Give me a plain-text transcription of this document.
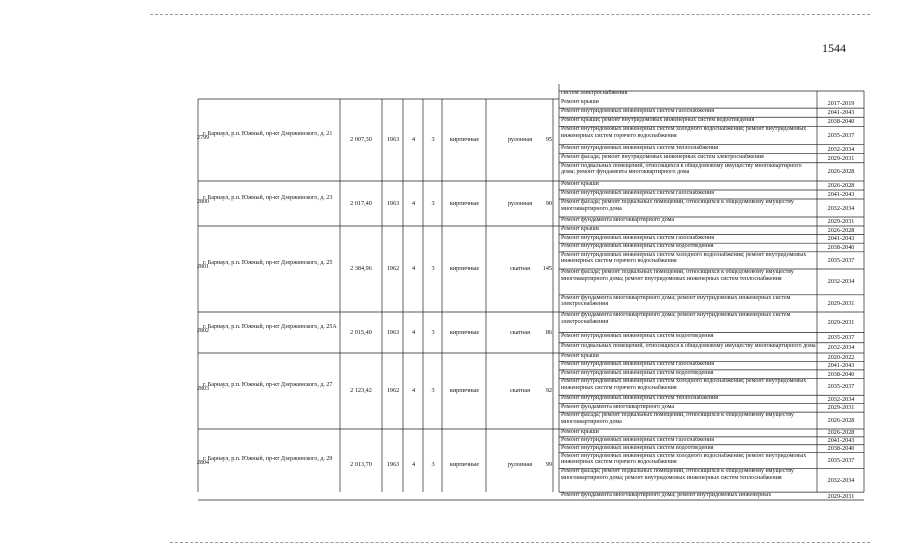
1544
систем электроснабжения
2799
г. Барнаул, р.п. Южный, пр-кт Дзержинского, д. 21
2 007,30	1963	4	3	кирпичные	рулонная	95
Ремонт крыши	2017-2019
Ремонт внутридомовых инженерных систем газоснабжения	2041-2043
Ремонт крыши; ремонт внутридомовых инженерных систем водоотведения	2038-2040
Ремонт внутридомовых инженерных систем холодного водоснабжения; ремонт внутридомовых инженерных систем горячего водоснабжения	2035-2037
Ремонт внутридомовых инженерных систем теплоснабжения	2032-2034
Ремонт фасада; ремонт внутридомовых инженерных систем электроснабжения	2029-2031
Ремонт подвальных помещений, относящихся к общедомовому имуществу многоквартирного дома; ремонт фундамента многоквартирного дома	2026-2028
2800
г. Барнаул, р.п. Южный, пр-кт Дзержинского, д. 23
2 017,40	1963	4	3	кирпичные	рулонная	90
Ремонт крыши	2026-2028
Ремонт внутридомовых инженерных систем газоснабжения	2041-2043
Ремонт фасада; ремонт подвальных помещений, относящихся к общедомовому имуществу многоквартирного дома	2032-2034
Ремонт фундамента многоквартирного дома	2029-2031
2801
г. Барнаул, р.п. Южный, пр-кт Дзержинского, д. 25
2 384,96	1962	4	3	кирпичные	скатная	145
Ремонт крыши	2026-2028
Ремонт внутридомовых инженерных систем газоснабжения	2041-2043
Ремонт внутридомовых инженерных систем водоотведения	2038-2040
Ремонт внутридомовых инженерных систем холодного водоснабжения; ремонт внутридомовых инженерных систем горячего водоснабжения	2035-2037
Ремонт фасада; ремонт подвальных помещений, относящихся к общедомовому имуществу многоквартирного дома; ремонт внутридомовых инженерных систем теплоснабжения	2032-2034
Ремонт фундамента многоквартирного дома; ремонт внутридомовых инженерных систем электроснабжения	2029-2031
2802
г. Барнаул, р.п. Южный, пр-кт Дзержинского, д. 25А
2 015,40	1963	4	3	кирпичные	скатная	86
Ремонт фундамента многоквартирного дома; ремонт внутридомовых инженерных систем электроснабжения	2029-2031
Ремонт внутридомовых инженерных систем водоотведения	2035-2037
Ремонт подвальных помещений, относящихся к общедомовому имуществу многоквартирного дома	2032-2034
2803
г. Барнаул, р.п. Южный, пр-кт Дзержинского, д. 27
2 123,42	1962	4	3	кирпичные	скатная	92
Ремонт крыши	2020-2022
Ремонт внутридомовых инженерных систем газоснабжения	2041-2043
Ремонт внутридомовых инженерных систем водоотведения	2038-2040
Ремонт внутридомовых инженерных систем холодного водоснабжения; ремонт внутридомовых инженерных систем горячего водоснабжения	2035-2037
Ремонт внутридомовых инженерных систем теплоснабжения	2032-2034
Ремонт фундамента многоквартирного дома	2029-2031
Ремонт фасада; ремонт подвальных помещений, относящихся к общедомовому имуществу многоквартирного дома	2026-2028
2804
г. Барнаул, р.п. Южный, пр-кт Дзержинского, д. 29
2 013,70	1963	4	3	кирпичные	рулонная	99
Ремонт крыши	2026-2028
Ремонт внутридомовых инженерных систем газоснабжения	2041-2043
Ремонт внутридомовых инженерных систем водоотведения	2038-2040
Ремонт внутридомовых инженерных систем холодного водоснабжения; ремонт внутридомовых инженерных систем горячего водоснабжения	2035-2037
Ремонт фасада; ремонт подвальных помещений, относящихся к общедомовому имуществу многоквартирного дома; ремонт внутридомовых инженерных систем теплоснабжения	2032-2034
Ремонт фундамента многоквартирного дома; ремонт внутридомовых инженерных	2029-2031
